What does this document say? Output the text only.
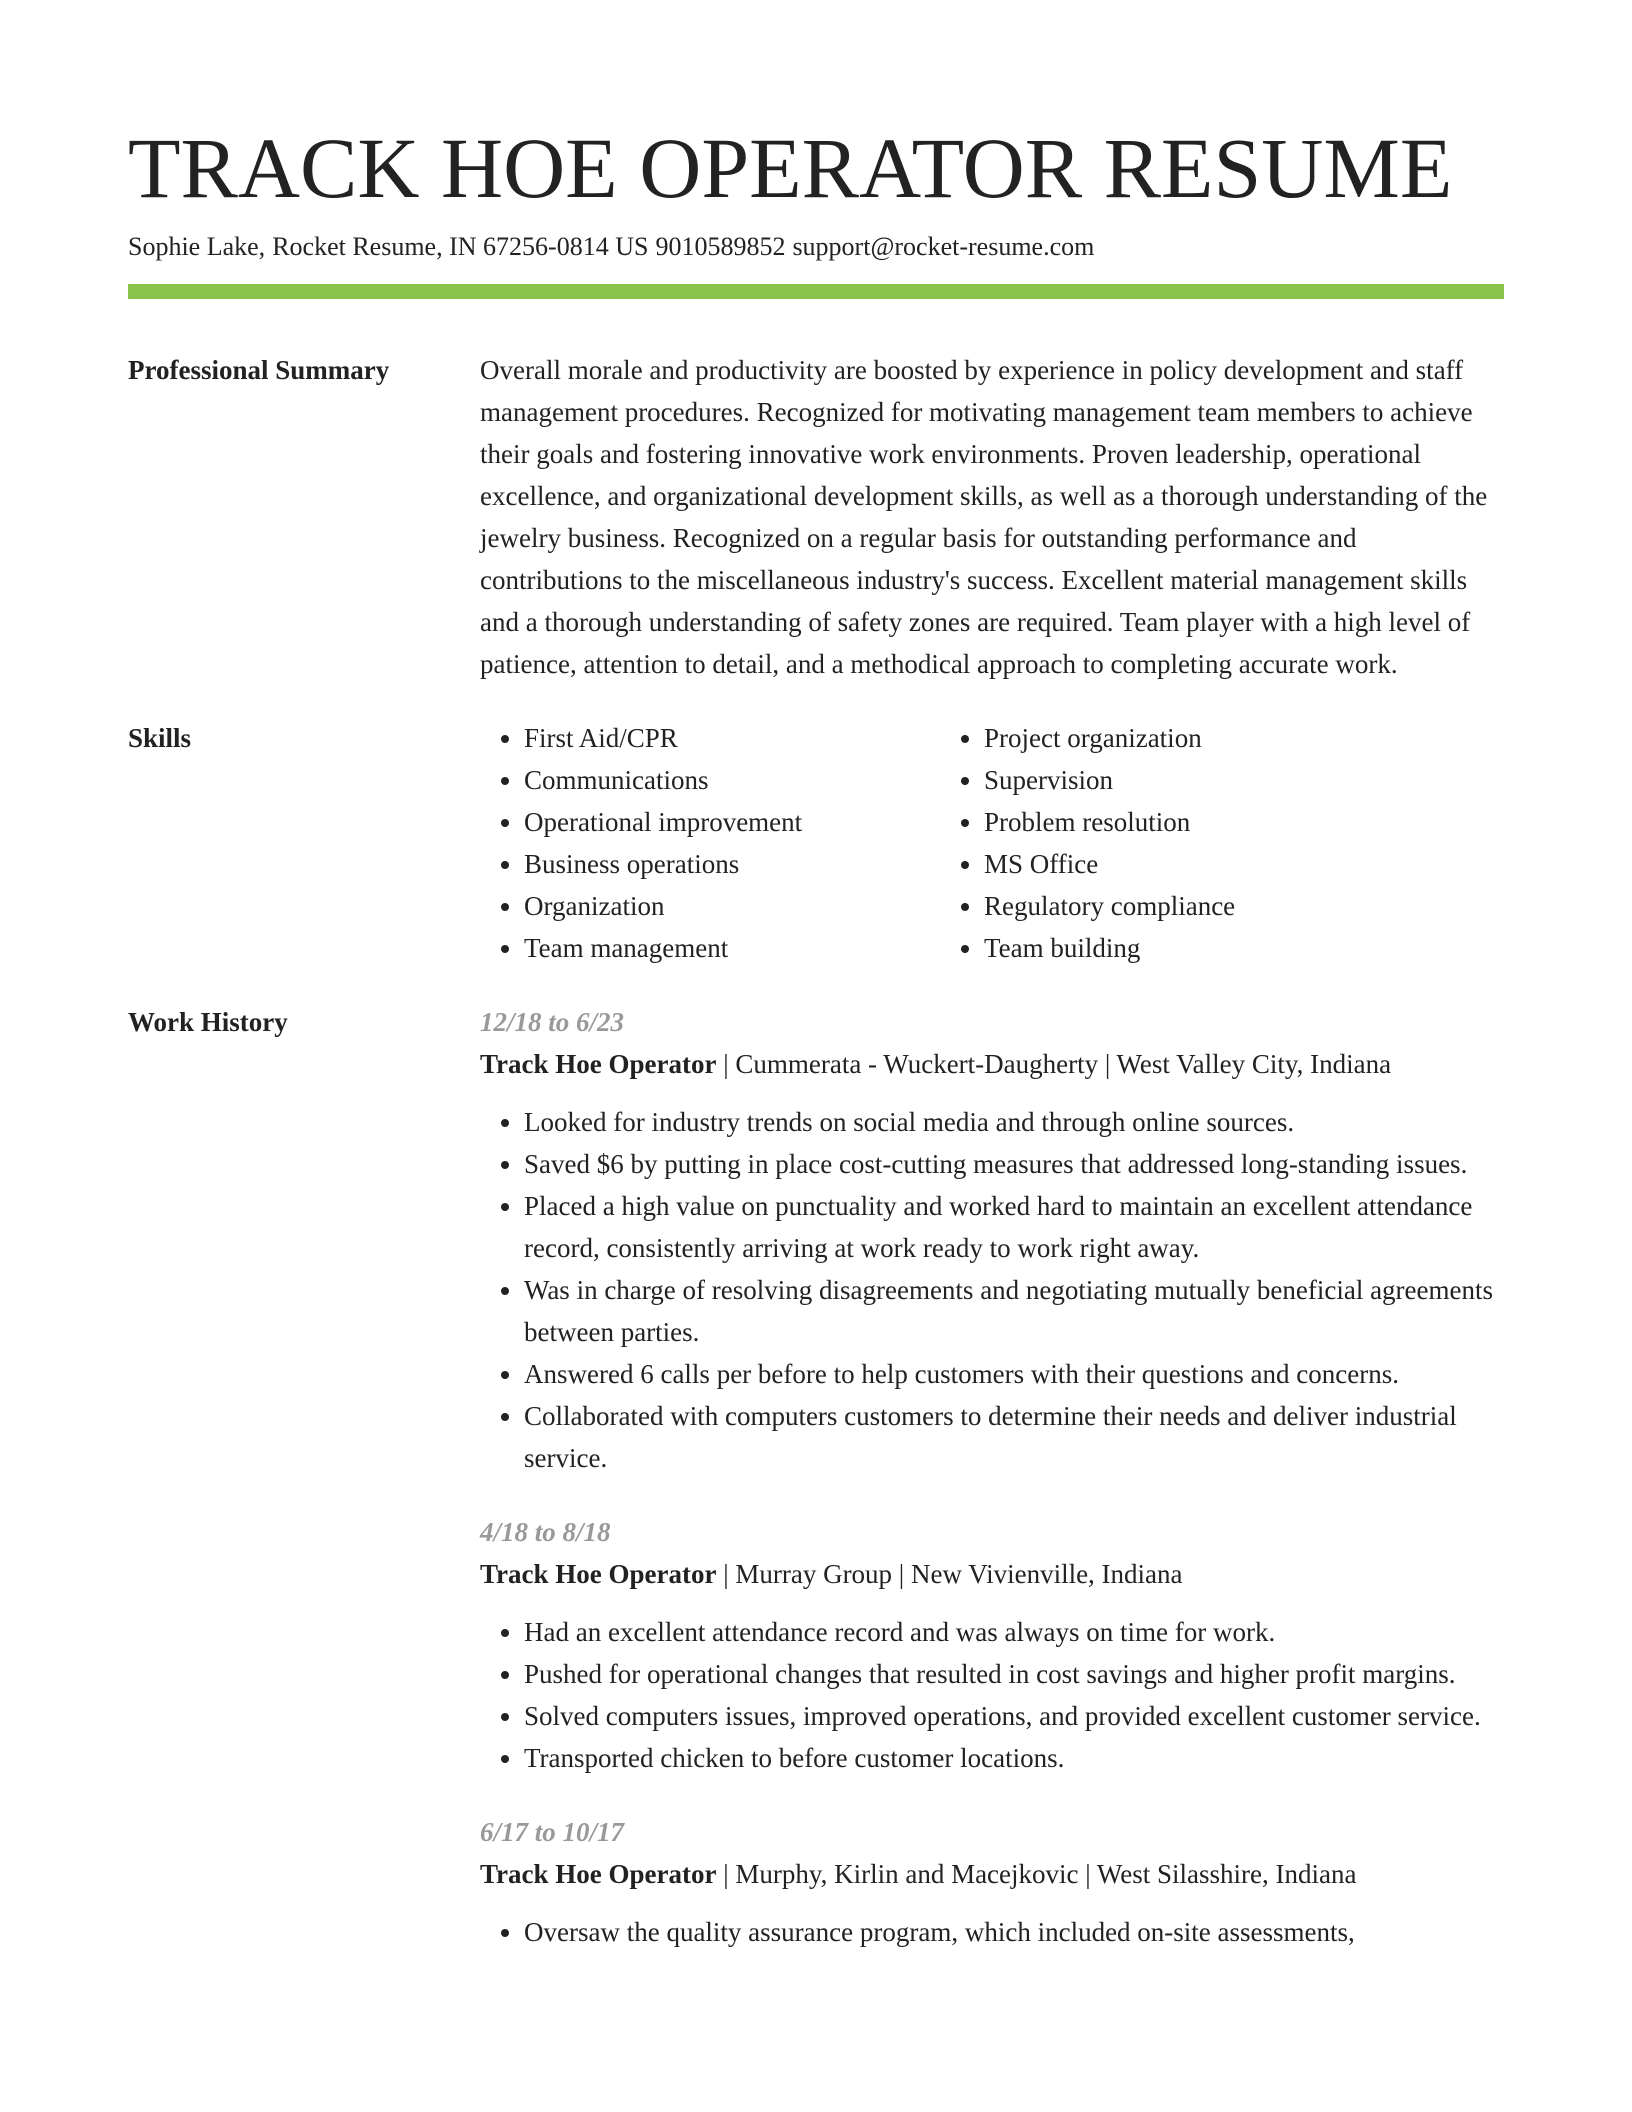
TRACK HOE OPERATOR RESUME
Sophie Lake, Rocket Resume, IN 67256-0814 US 9010589852 support@rocket-resume.com
Professional Summary	Overall morale and productivity are boosted by experience in policy development and staff management procedures. Recognized for motivating management team members to achieve their goals and fostering innovative work environments. Proven leadership, operational excellence, and organizational development skills, as well as a thorough understanding of the jewelry business. Recognized on a regular basis for outstanding performance and contributions to the miscellaneous industry's success. Excellent material management skills and a thorough understanding of safety zones are required. Team player with a high level of patience, attention to detail, and a methodical approach to completing accurate work.
Skills
•	First Aid/CPR
• Communications
• Operational improvement
• Business operations
• Organization
• Team management
• Project organization
• Supervision
• Problem resolution
• MS Office
• Regulatory compliance
• Team building
Work History	12/18 to 6/23
Track Hoe Operator | Cummerata - Wuckert-Daugherty | West Valley City, Indiana
• Looked for industry trends on social media and through online sources.
• Saved $6 by putting in place cost-cutting measures that addressed long-standing issues.
• Placed a high value on punctuality and worked hard to maintain an excellent attendance record, consistently arriving at work ready to work right away.
• Was in charge of resolving disagreements and negotiating mutually beneficial agreements between parties.
• Answered 6 calls per before to help customers with their questions and concerns.
• Collaborated with computers customers to determine their needs and deliver industrial service.
4/18 to 8/18
Track Hoe Operator | Murray Group | New Vivienville, Indiana
• Had an excellent attendance record and was always on time for work.
• Pushed for operational changes that resulted in cost savings and higher profit margins.
• Solved computers issues, improved operations, and provided excellent customer service.
• Transported chicken to before customer locations.
6/17 to 10/17
Track Hoe Operator | Murphy, Kirlin and Macejkovic | West Silasshire, Indiana
• Oversaw the quality assurance program, which included on-site assessments,
